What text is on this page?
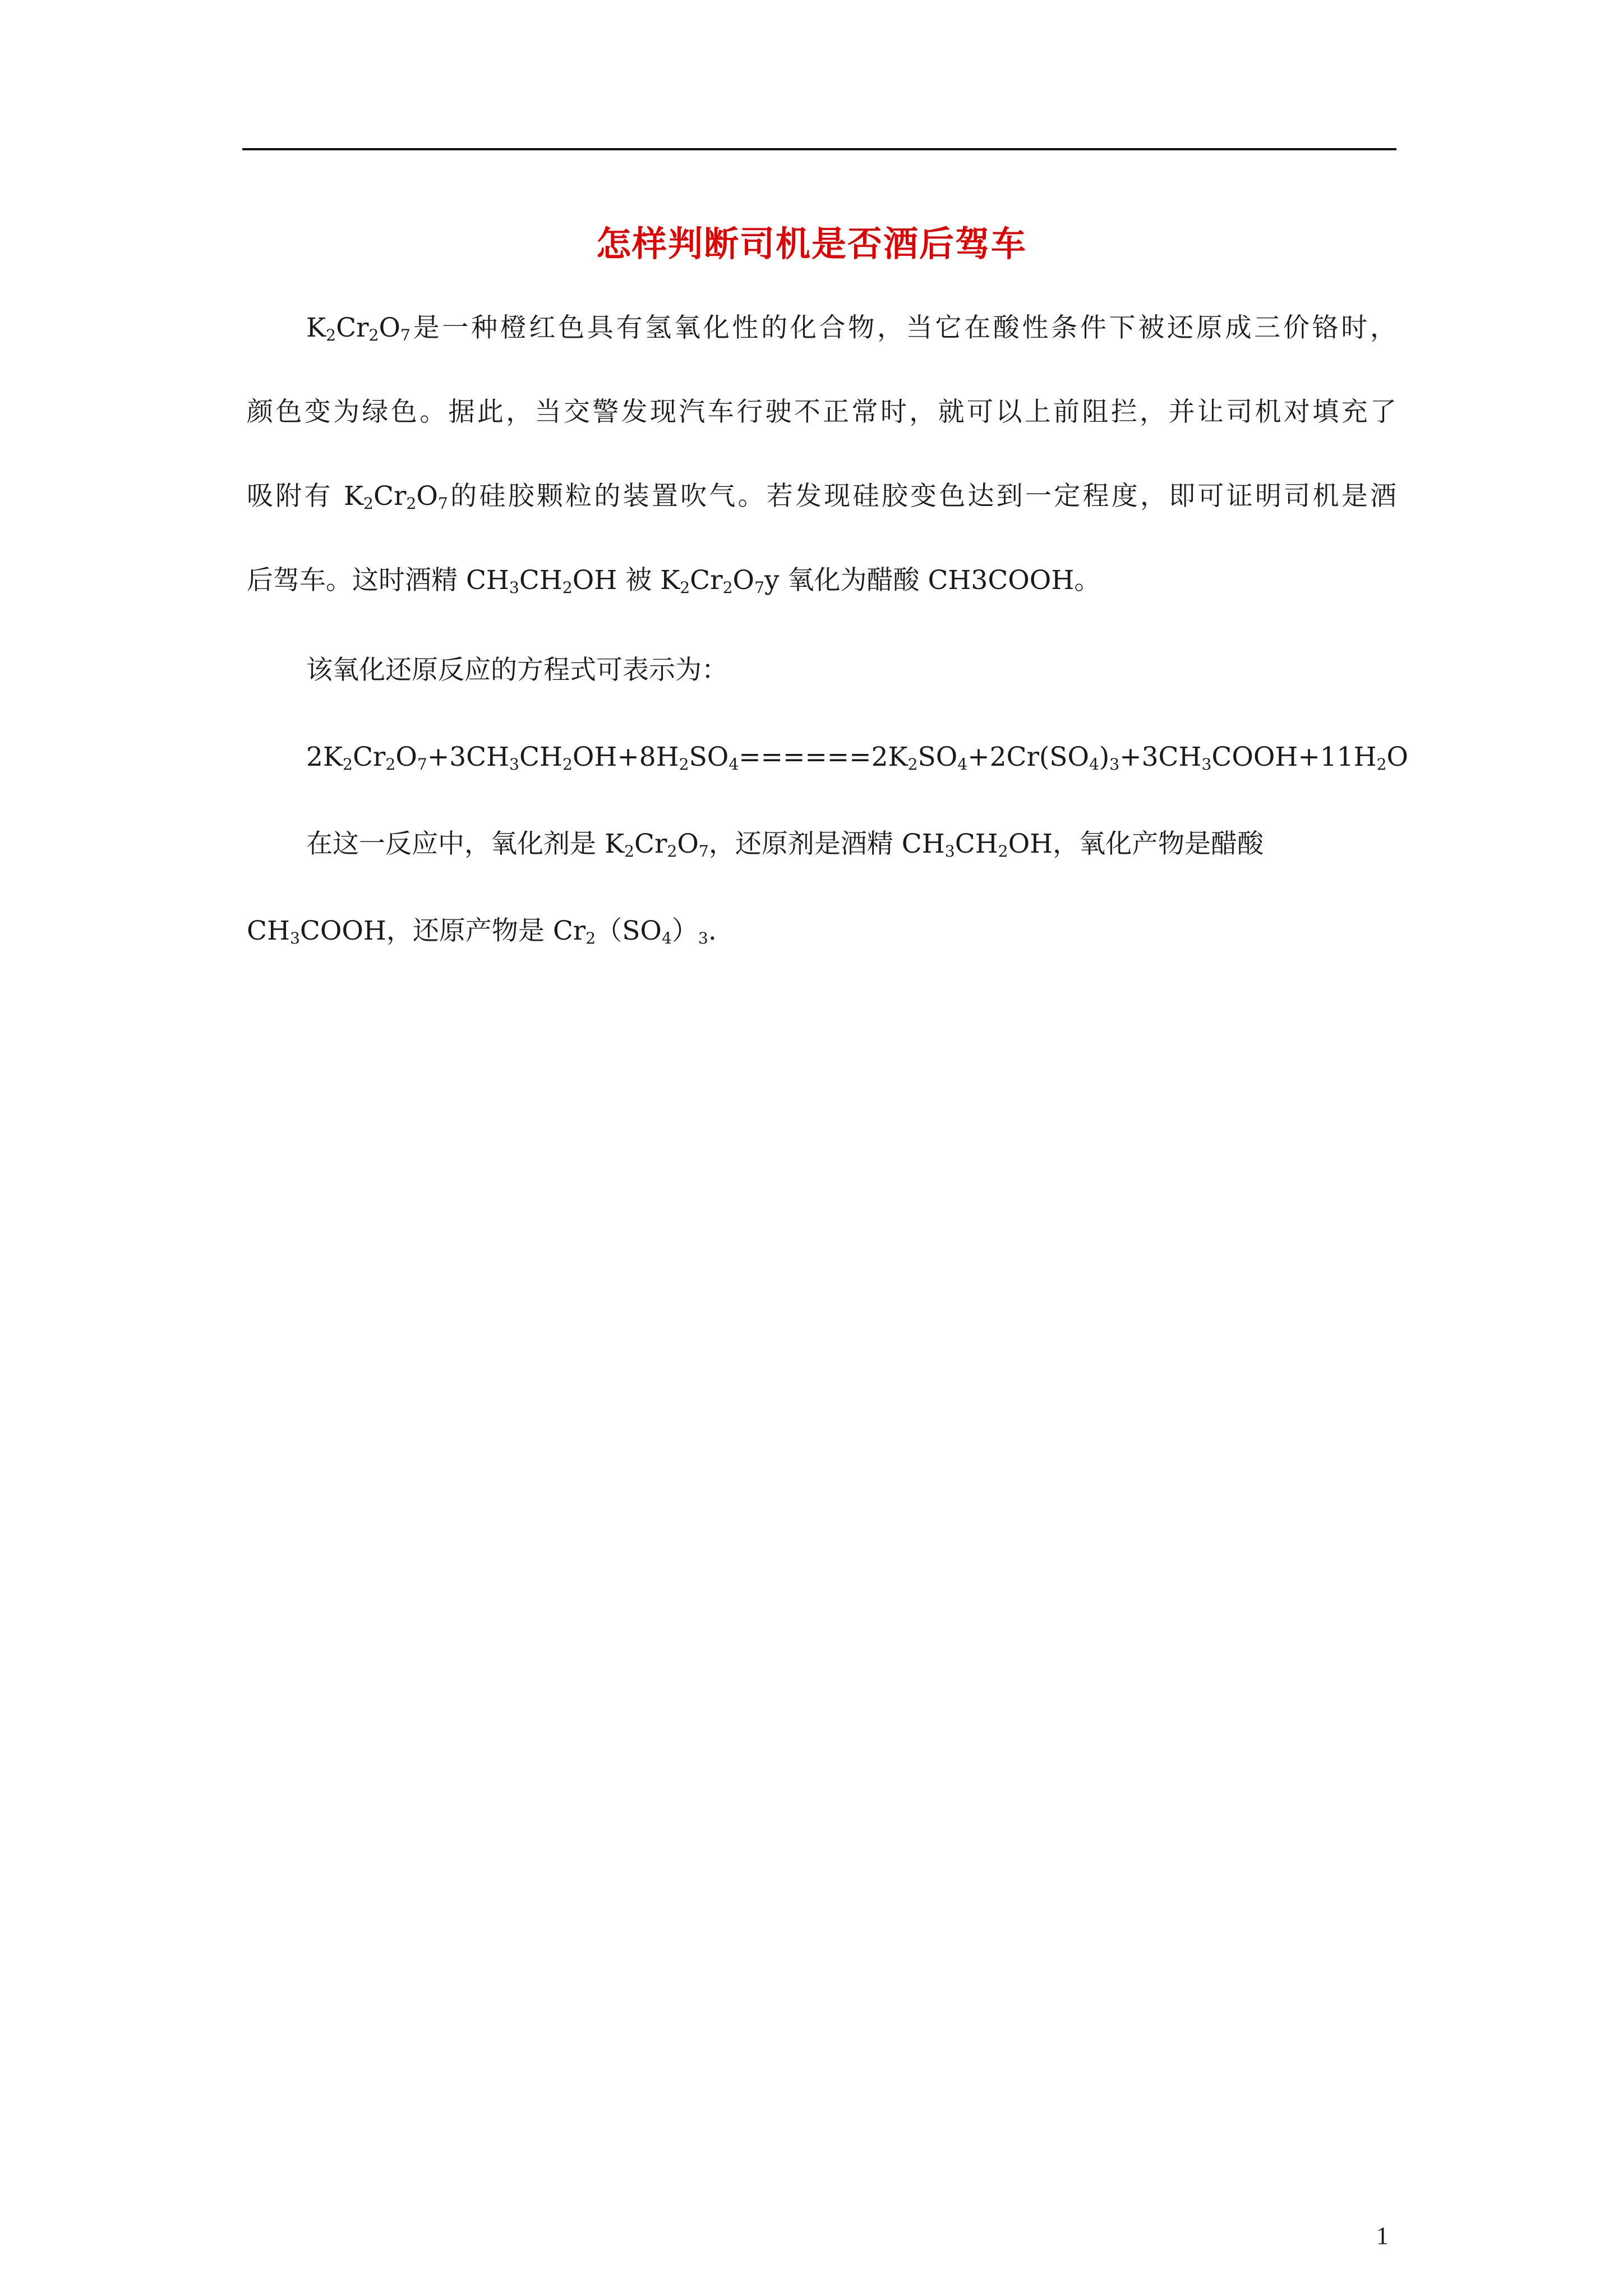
怎样判断司机是否酒后驾车
$K_2Cr_2O_7$是一种橙红色具有氢氧化性的化合物，当它在酸性条件下被还原成三价铬时，
颜色变为绿色。据此，当交警发现汽车行驶不正常时，就可以上前阻拦，并让司机对填充了
吸附有 $K_2Cr_2O_7$的硅胶颗粒的装置吹气。若发现硅胶变色达到一定程度，即可证明司机是酒
后驾车。这时酒精 $CH_3CH_2OH$ 被 $K_2Cr_2O_7y$ 氧化为醋酸 CH3COOH。
该氧化还原反应的方程式可表示为：
$2K_2Cr_2O_7+3CH_3CH_2OH+8H_2SO_4======2K_2SO_4+2Cr(SO_4)_3+3CH_3COOH+11H_2O$
在这一反应中，氧化剂是 $K_2Cr_2O_7$，还原剂是酒精 $CH_3CH_2OH$，氧化产物是醋酸
$CH_3COOH$，还原产物是 $Cr_2(SO_4)_3$.
1
